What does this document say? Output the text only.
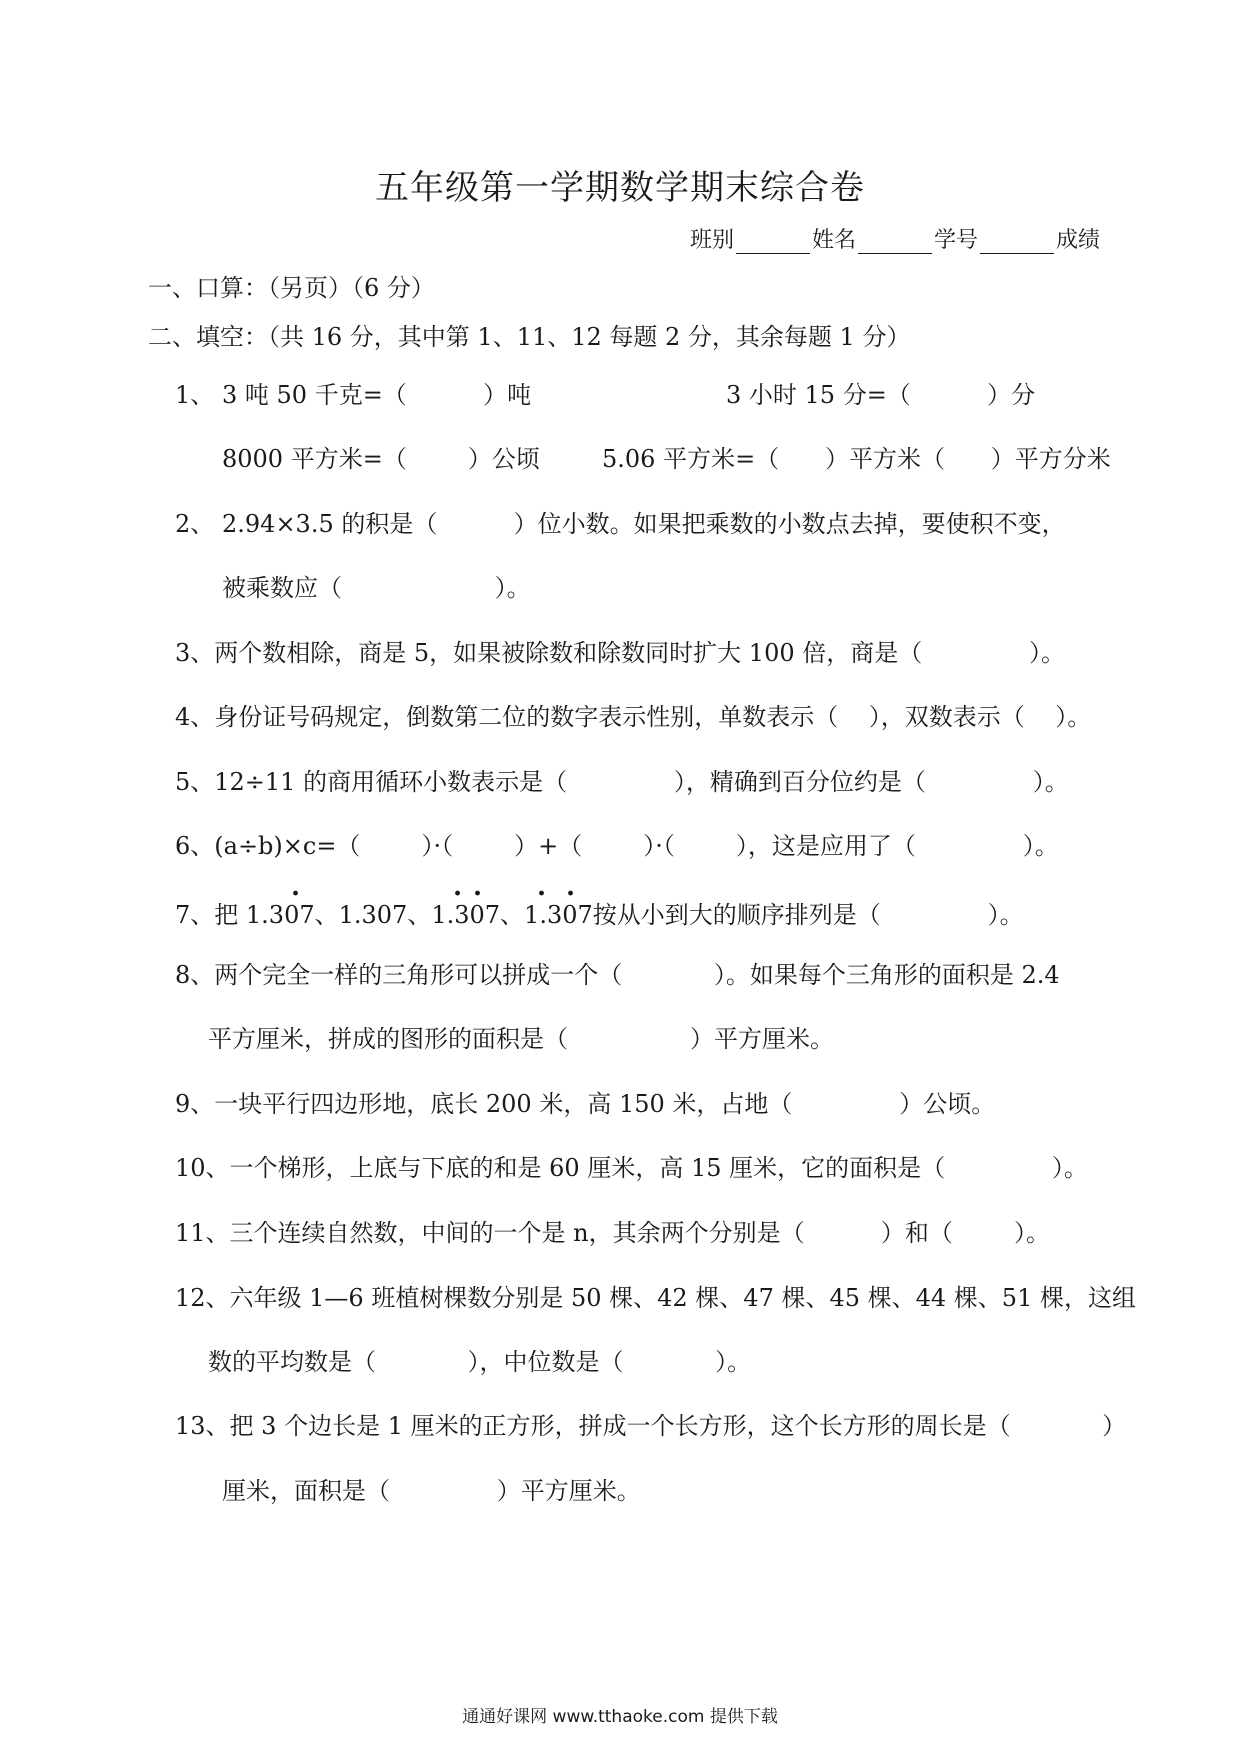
五年级第一学期数学期末综合卷
班别	姓名	学号	成绩
一、口算：（另页）（6 分）
二、填空：（共 16 分，其中第 1、11、12 每题 2 分，其余每题 1 分）
1、 3 吨 50 千克=（          ）吨	3 小时 15 分=（          ）分
8000 平方米=（        ）公顷	5.06 平方米=（      ）平方米（      ）平方分米
2、 2.94×3.5 的积是（          ）位小数。如果把乘数的小数点去掉，要使积不变，
被乘数应（                    ）。
3、两个数相除，商是 5，如果被除数和除数同时扩大 100 倍，商是（              ）。
4、身份证号码规定，倒数第二位的数字表示性别，单数表示（    ），双数表示（    ）。
5、12÷11 的商用循环小数表示是（              ），精确到百分位约是（              ）。
6、(a÷b)×c=（        ）·（        ）+（        ）·（        ），这是应用了（              ）。
7、把 1.307 、1.307、1.30 7 、1.3 07 按从小到大的顺序排列是（              ）。
·	· · · ·
8、两个完全一样的三角形可以拼成一个（            ）。如果每个三角形的面积是 2.4
平方厘米，拼成的图形的面积是（                ）平方厘米。
9、一块平行四边形地，底长 200 米，高 150 米，占地（              ）公顷。
10、一个梯形，上底与下底的和是 60 厘米，高 15 厘米，它的面积是（              ）。
11、三个连续自然数，中间的一个是 n，其余两个分别是（          ）和（        ）。
12、六年级 1—6 班植树棵数分别是 50 棵、42 棵、47 棵、45 棵、44 棵、51 棵，这组
数的平均数是（            ），中位数是（            ）。
13、把 3 个边长是 1 厘米的正方形，拼成一个长方形，这个长方形的周长是（            ）
厘米，面积是（              ）平方厘米。
通通好课网 www.tthaoke.com 提供下载
